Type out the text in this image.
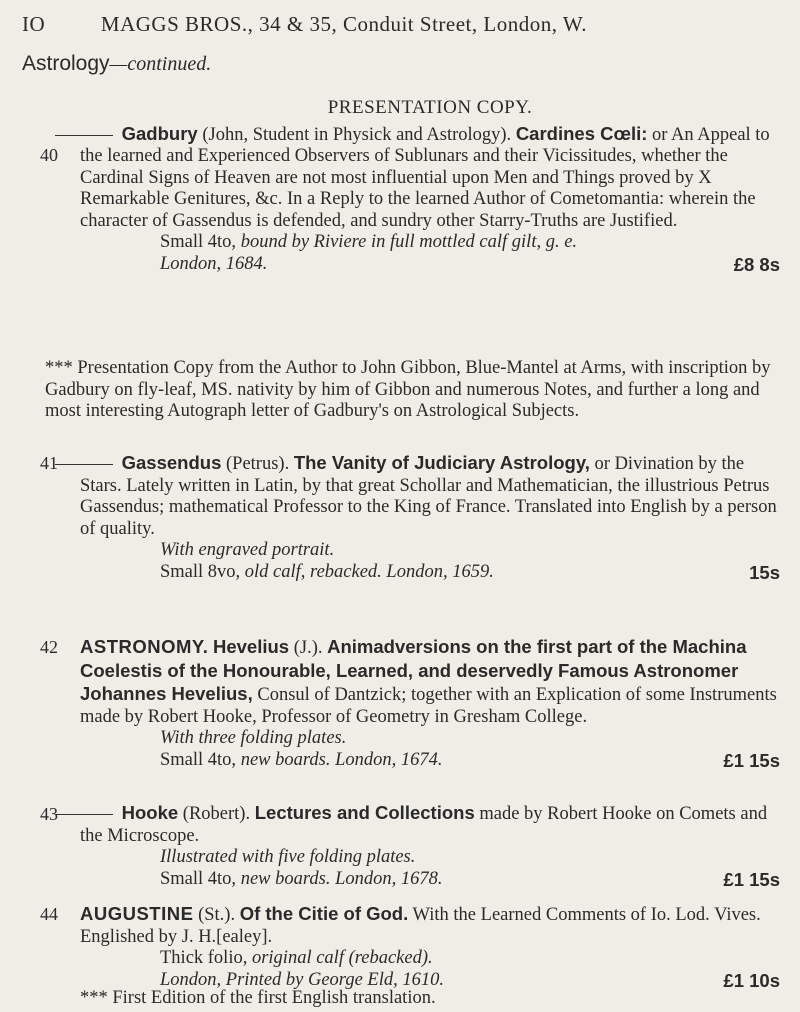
IO	MAGGS BROS., 34 & 35, Conduit Street, London, W.
Astrology—continued.
40
PRESENTATION COPY.
Gadbury (John, Student in Physick and Astrology). Cardines Cœli: or An Appeal to the learned and Experienced Observers of Sublunars and their Vicissitudes, whether the Cardinal Signs of Heaven are not most influential upon Men and Things proved by X Remarkable Genitures, &c. In a Reply to the learned Author of Cometomantia: wherein the character of Gassendus is defended, and sundry other Starry-Truths are Justified.
Small 4to, bound by Riviere in full mottled calf gilt, g. e.
London, 1684.	£8 8s
*** Presentation Copy from the Author to John Gibbon, Blue-Mantel at Arms, with inscription by Gadbury on fly-leaf, MS. nativity by him of Gibbon and numerous Notes, and further a long and most interesting Autograph letter of Gadbury's on Astrological Subjects.
41	Gassendus (Petrus). The Vanity of Judiciary Astrology, or Divination by the Stars. Lately written in Latin, by that great Schollar and Mathematician, the illustrious Petrus Gassendus; mathematical Professor to the King of France. Translated into English by a person of quality.
With engraved portrait.
Small 8vo, old calf, rebacked. London, 1659.	15s
42 ASTRONOMY. Hevelius (J.). Animadversions on the first part of the Machina Coelestis of the Honourable, Learned, and deservedly Famous Astronomer Johannes Hevelius, Consul of Dantzick; together with an Explication of some Instruments made by Robert Hooke, Professor of Geometry in Gresham College.
With three folding plates.
Small 4to, new boards. London, 1674.	£1 15s
43	Hooke (Robert). Lectures and Collections made by Robert Hooke on Comets and the Microscope.
Illustrated with five folding plates.
Small 4to, new boards. London, 1678.	£1 15s
44 AUGUSTINE (St.). Of the Citie of God. With the Learned Comments of Io. Lod. Vives. Englished by J. H.[ealey].
Thick folio, original calf (rebacked).
London, Printed by George Eld, 1610.	£1 10s
*** First Edition of the first English translation.
